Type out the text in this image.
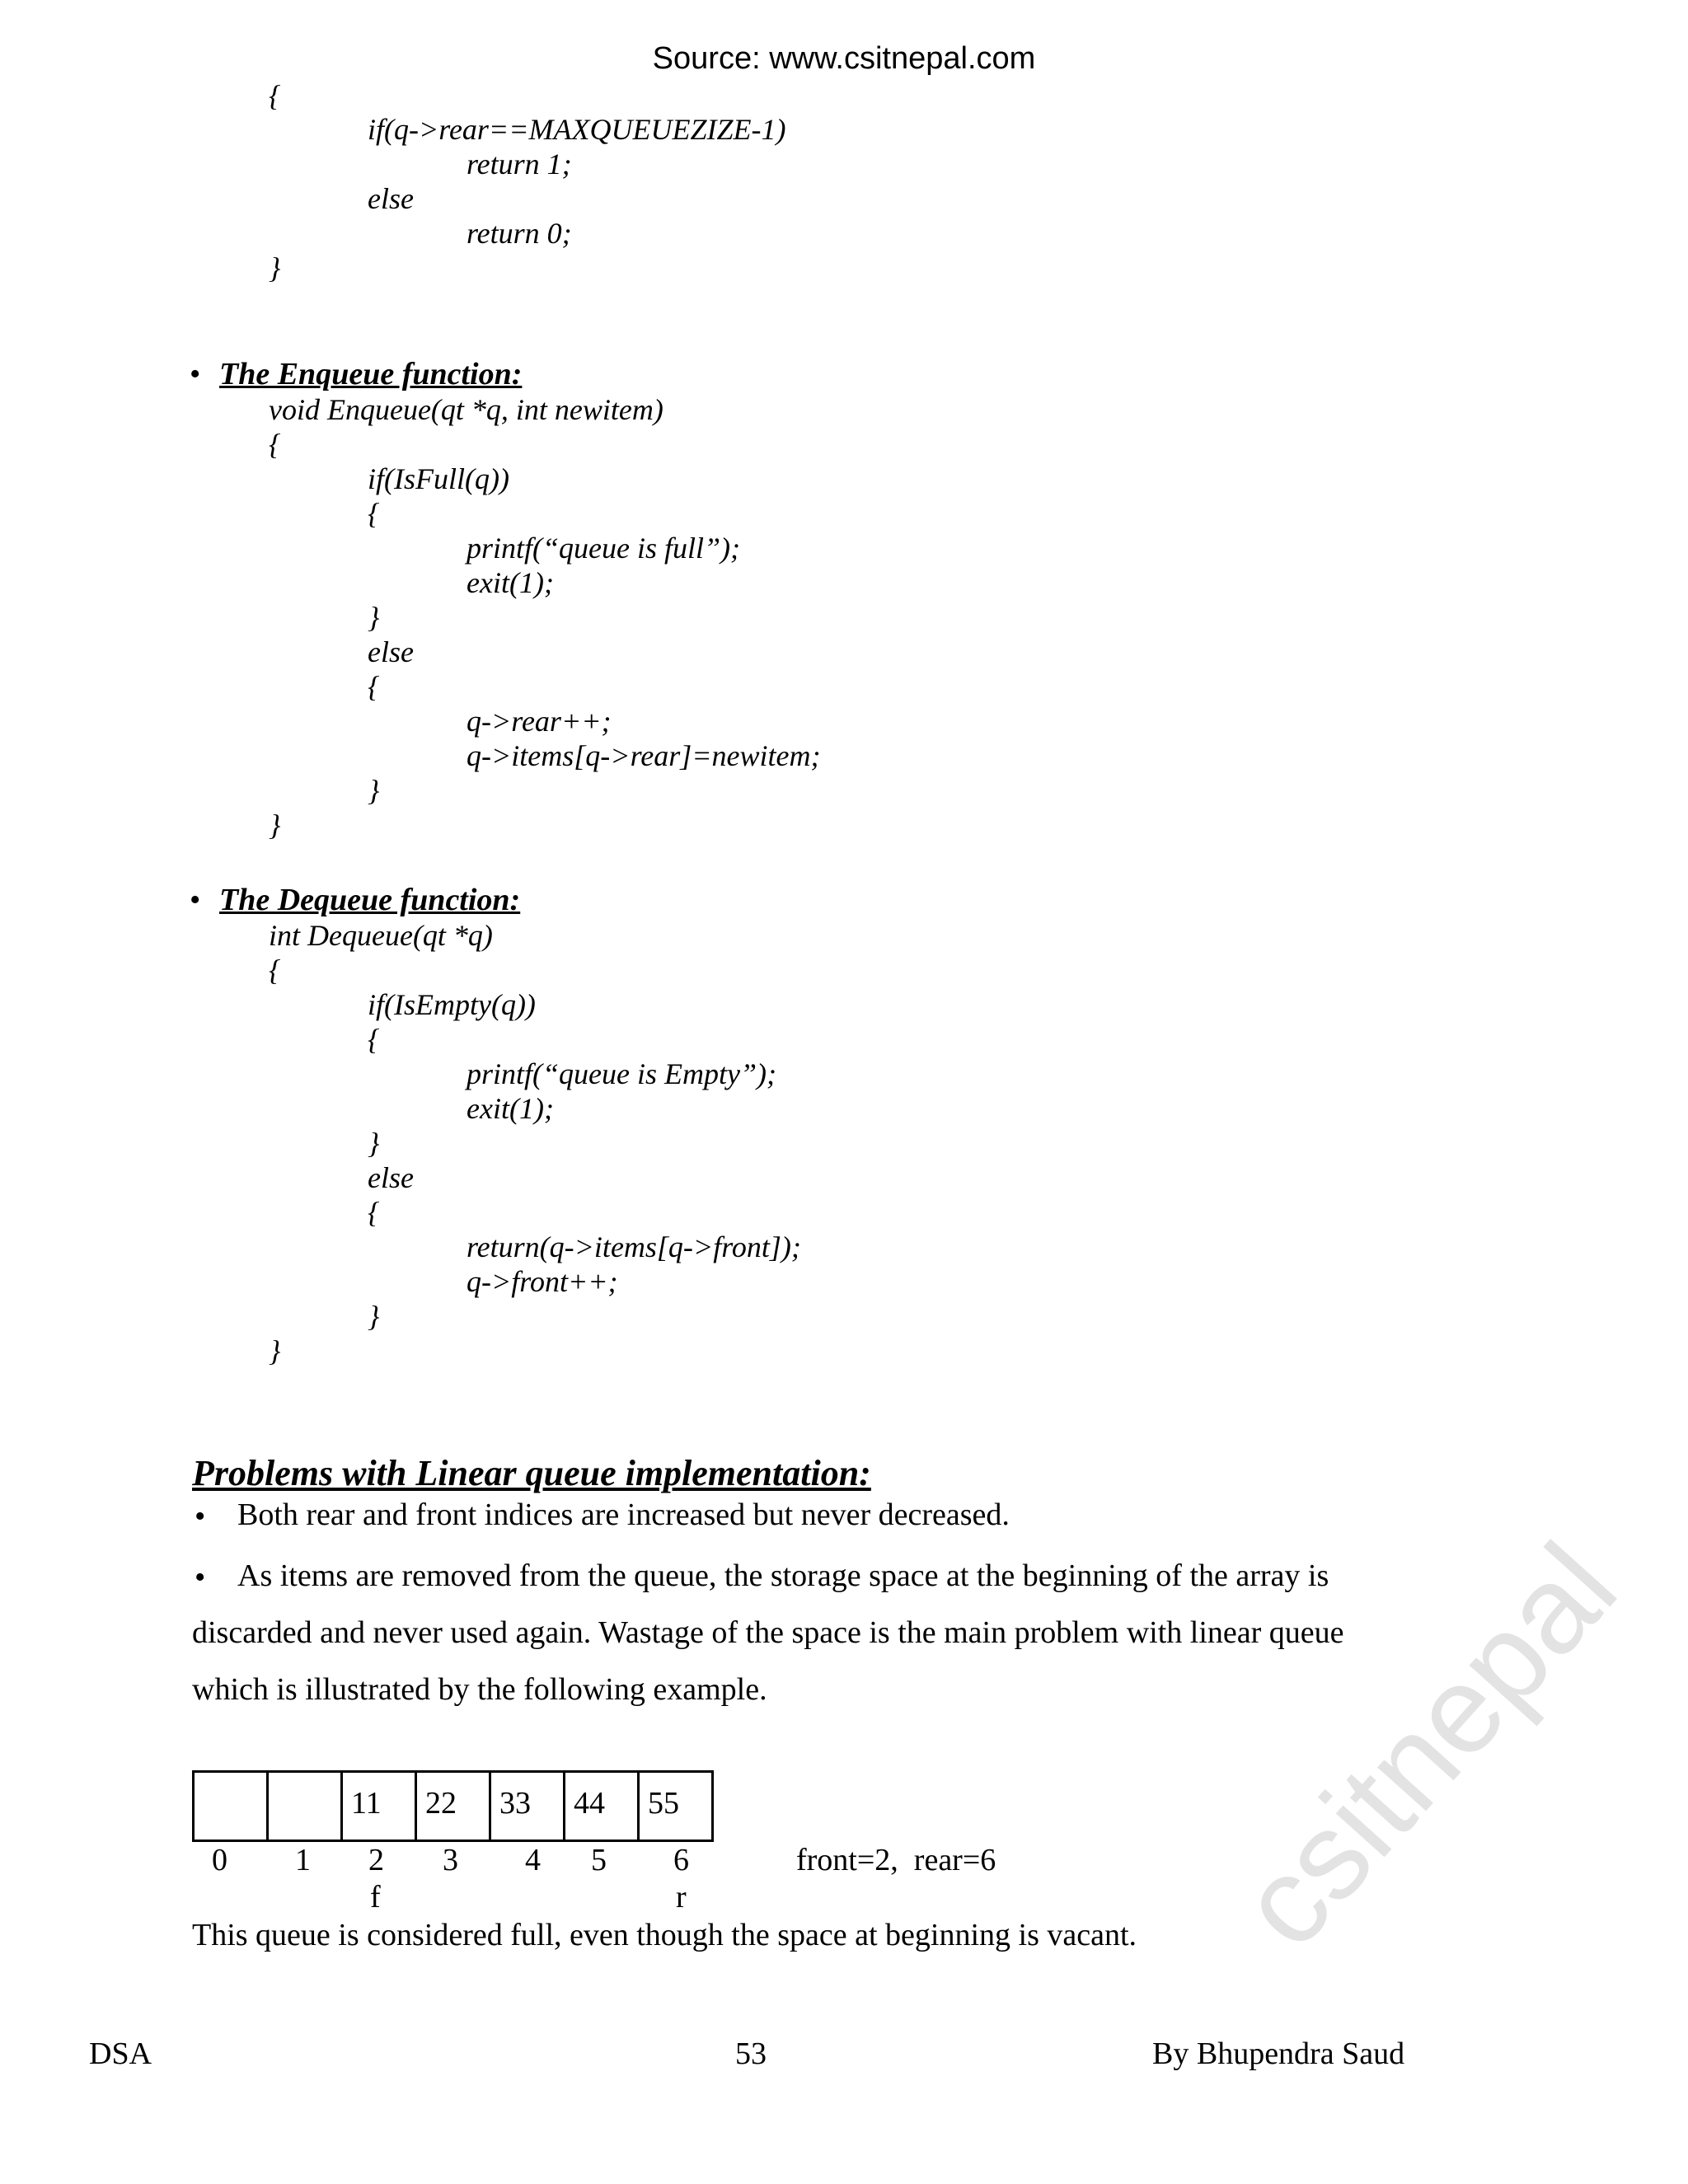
Source: www.csitnepal.com
{
if(q->rear==MAXQUEUEZIZE-1)
return 1;
else
return 0;
}
• The Enqueue function:
void Enqueue(qt *q, int newitem)
{
if(IsFull(q))
{
printf(“queue is full”);
exit(1);
}
else
{
q->rear++;
q->items[q->rear]=newitem;
}
}
• The Dequeue function:
int Dequeue(qt *q)
{
if(IsEmpty(q))
{
printf(“queue is Empty”);
exit(1);
}
else
{
return(q->items[q->front]);
q->front++;
}
}
Problems with Linear queue implementation:
• Both rear and front indices are increased but never decreased.
•	As items are removed from the queue, the storage space at the beginning of the array is discarded and never used again. Wastage of the space is the main problem with linear queue which is illustrated by the following example.
		11	22	33	44	55
0 1 2 3 4 5 6	front=2,  rear=6
f	r
This queue is considered full, even though the space at beginning is vacant. csitnepal
DSA	53	By Bhupendra Saud
